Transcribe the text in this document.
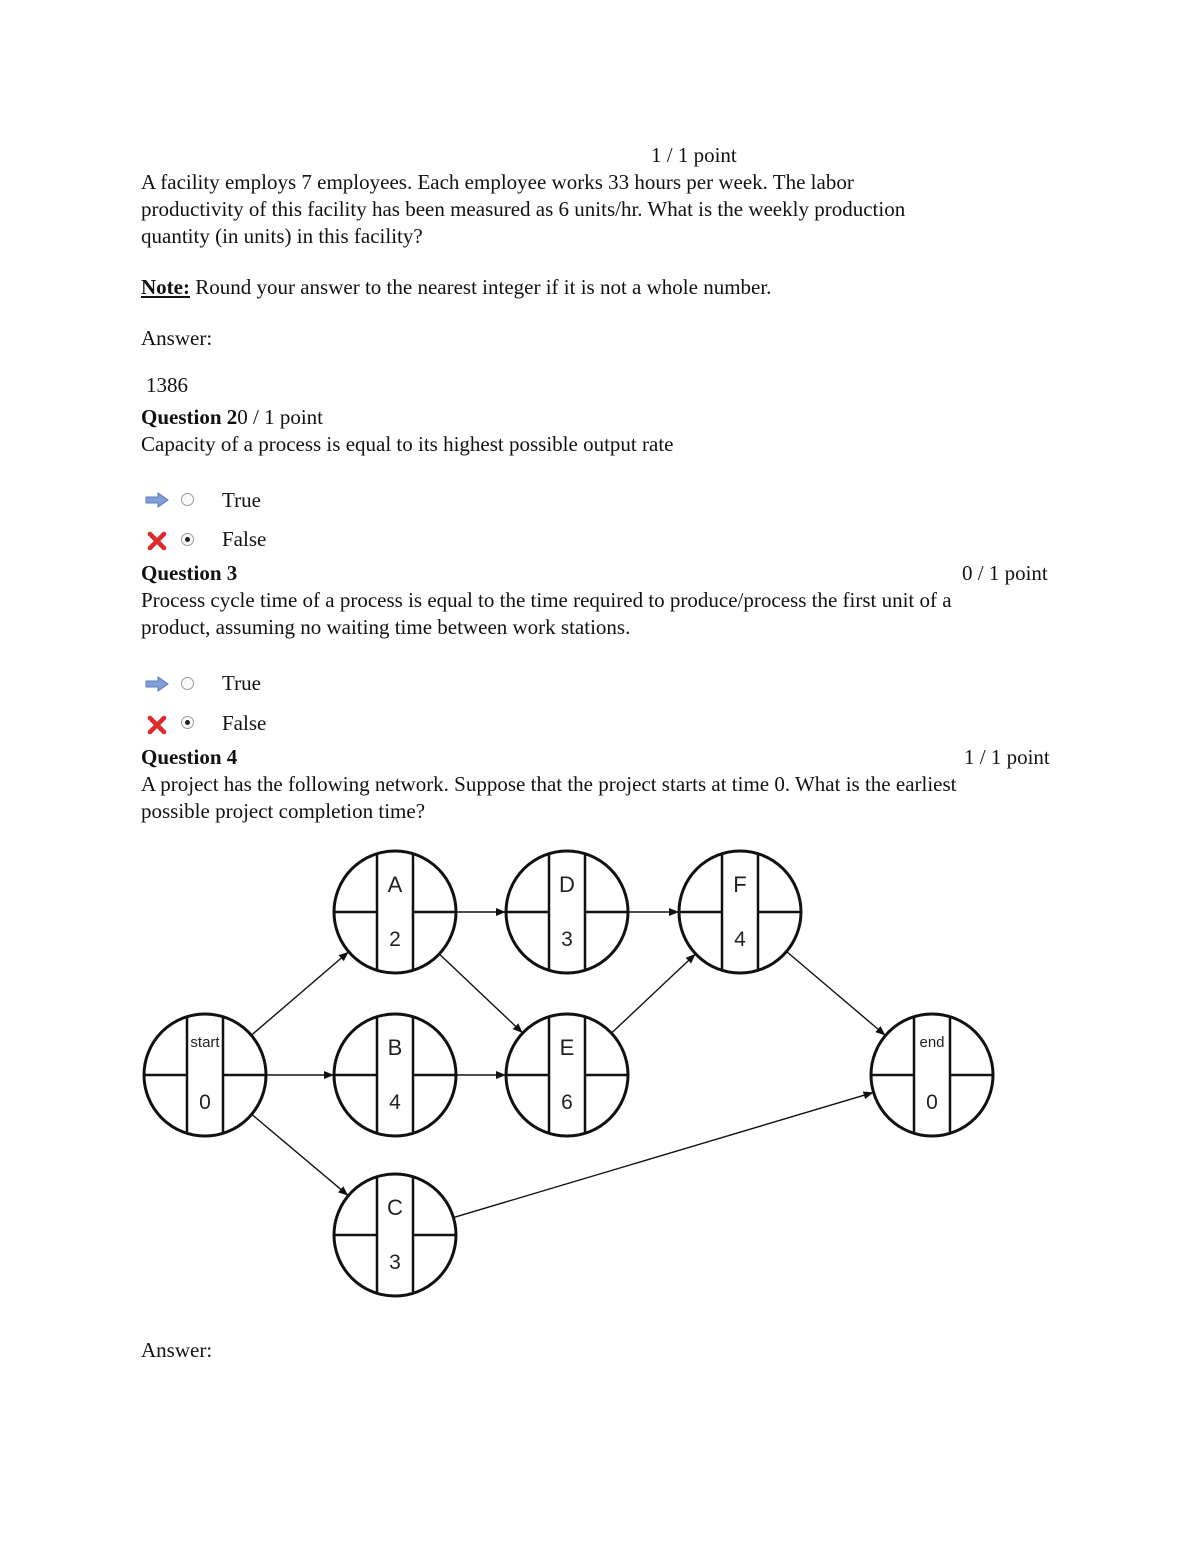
1 / 1 point
A facility employs 7 employees. Each employee works 33 hours per week. The labor
productivity of this facility has been measured as 6 units/hr. What is the weekly production
quantity (in units) in this facility?
Note: Round your answer to the nearest integer if it is not a whole number.
Answer:
1386
Question 20 / 1 point
Capacity of a process is equal to its highest possible output rate
True
False
Question 3	0 / 1 point
Process cycle time of a process is equal to the time required to produce/process the first unit of a
product, assuming no waiting time between work stations.
True
False
Question 4	1 / 1 point
A project has the following network. Suppose that the project starts at time 0. What is the earliest
possible project completion time?
start
0
A
2
B
4
C
3
D
3
E
6
F
4
end
0
Answer:
